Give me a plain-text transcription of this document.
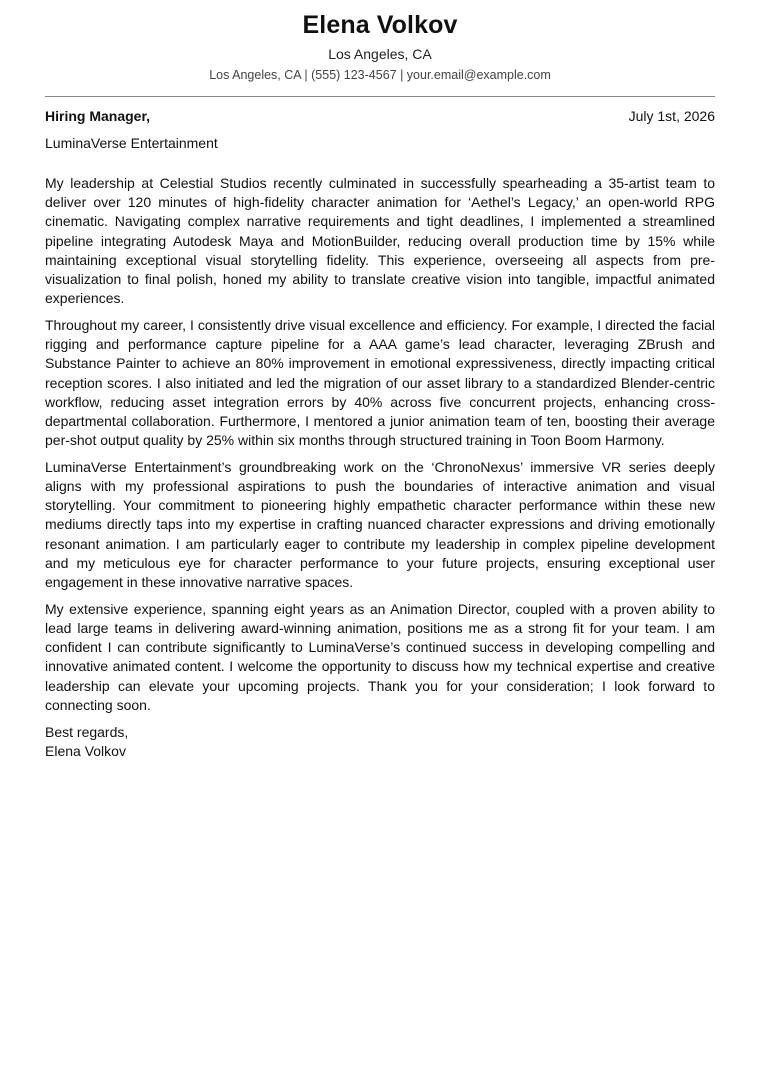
Elena Volkov
Los Angeles, CA
Los Angeles, CA | (555) 123-4567 | your.email@example.com
Hiring Manager,	July 1st, 2026
LuminaVerse Entertainment

My leadership at Celestial Studios recently culminated in successfully spearheading a 35-artist team to deliver over 120 minutes of high-fidelity character animation for ‘Aethel’s Legacy,’ an open-world RPG cinematic. Navigating complex narrative requirements and tight deadlines, I implemented a streamlined pipeline integrating Autodesk Maya and MotionBuilder, reducing overall production time by 15% while maintaining exceptional visual storytelling fidelity. This experience, overseeing all aspects from pre-visualization to final polish, honed my ability to translate creative vision into tangible, impactful animated experiences.

Throughout my career, I consistently drive visual excellence and efficiency. For example, I directed the facial rigging and performance capture pipeline for a AAA game’s lead character, leveraging ZBrush and Substance Painter to achieve an 80% improvement in emotional expressiveness, directly impacting critical reception scores. I also initiated and led the migration of our asset library to a standardized Blender-centric workflow, reducing asset integration errors by 40% across five concurrent projects, enhancing cross-departmental collaboration. Furthermore, I mentored a junior animation team of ten, boosting their average per-shot output quality by 25% within six months through structured training in Toon Boom Harmony.

LuminaVerse Entertainment’s groundbreaking work on the ‘ChronoNexus’ immersive VR series deeply aligns with my professional aspirations to push the boundaries of interactive animation and visual storytelling. Your commitment to pioneering highly empathetic character performance within these new mediums directly taps into my expertise in crafting nuanced character expressions and driving emotionally resonant animation. I am particularly eager to contribute my leadership in complex pipeline development and my meticulous eye for character performance to your future projects, ensuring exceptional user engagement in these innovative narrative spaces.

My extensive experience, spanning eight years as an Animation Director, coupled with a proven ability to lead large teams in delivering award-winning animation, positions me as a strong fit for your team. I am confident I can contribute significantly to LuminaVerse’s continued success in developing compelling and innovative animated content. I welcome the opportunity to discuss how my technical expertise and creative leadership can elevate your upcoming projects. Thank you for your consideration; I look forward to connecting soon.

Best regards,
Elena Volkov
